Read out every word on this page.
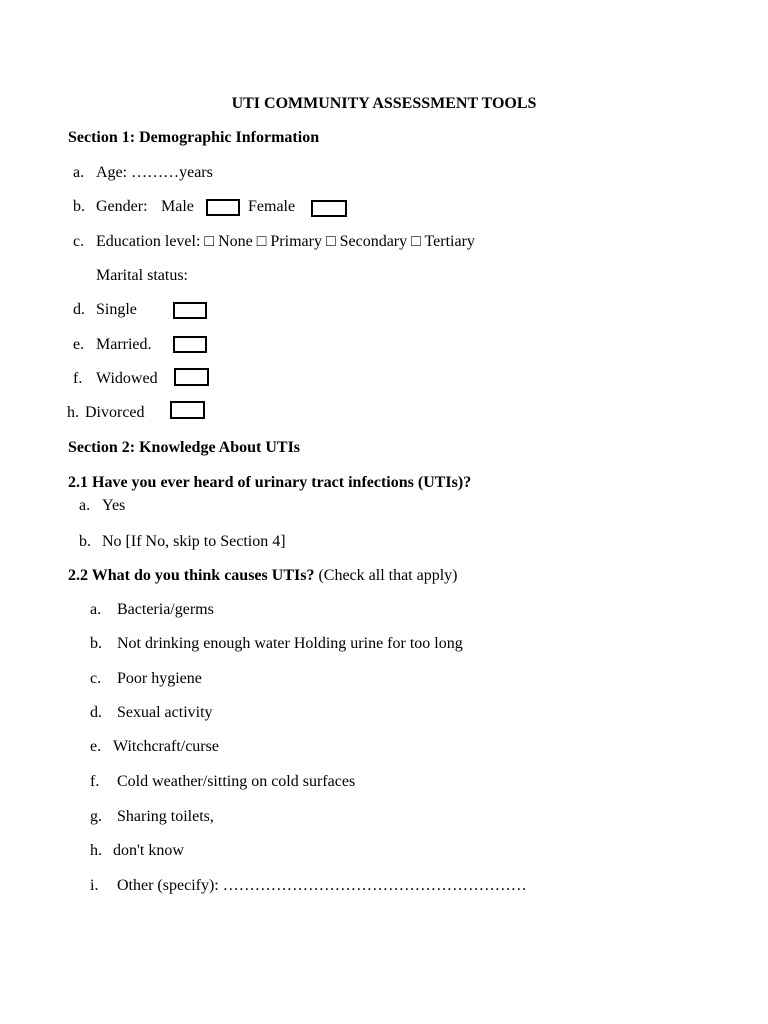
UTI COMMUNITY ASSESSMENT TOOLS
Section 1: Demographic Information
a. Age: ………years
b. Gender: Male	Female
c. Education level: □ None □ Primary □ Secondary □ Tertiary
Marital status:
d. Single
e. Married.
f. Widowed
h. Divorced
Section 2: Knowledge About UTIs
2.1 Have you ever heard of urinary tract infections (UTIs)?
a. Yes
b. No [If No, skip to Section 4]
2.2 What do you think causes UTIs? (Check all that apply)
a. Bacteria/germs
b. Not drinking enough water Holding urine for too long
c. Poor hygiene
d. Sexual activity
e. Witchcraft/curse
f. Cold weather/sitting on cold surfaces
g. Sharing toilets,
h. don't know
i. Other (specify): …………………………………………………
